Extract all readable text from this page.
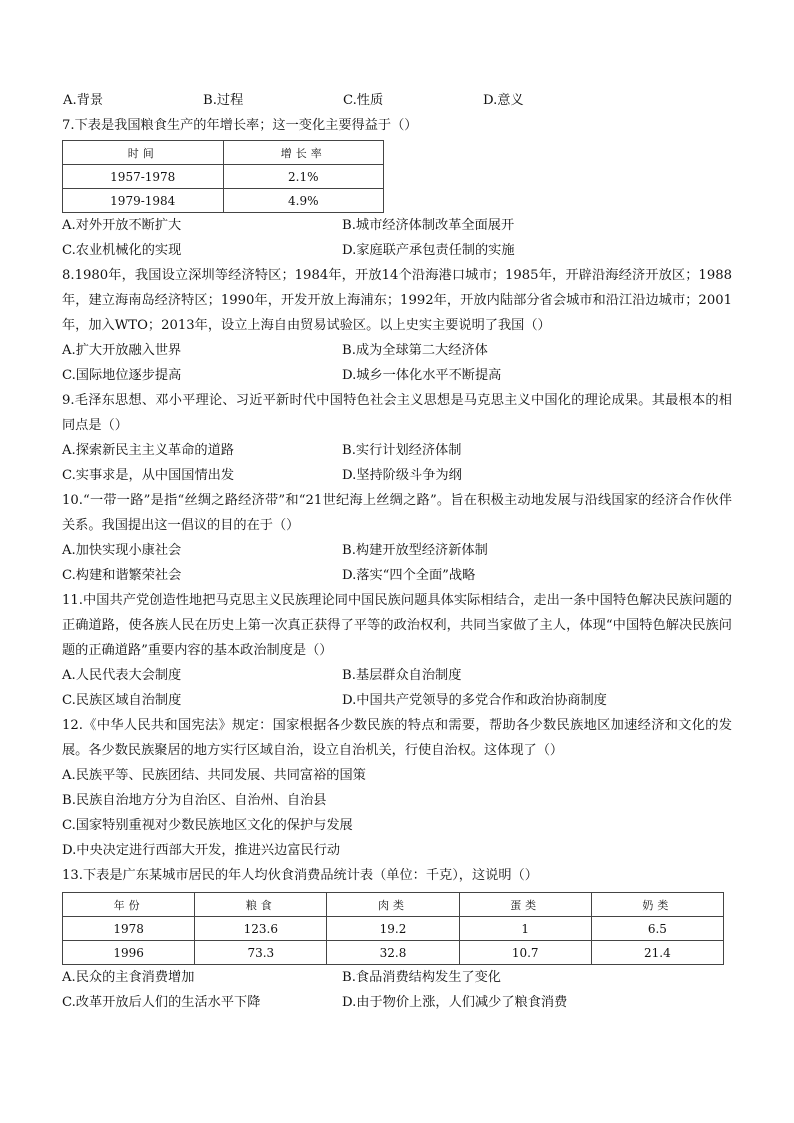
A.背景	B.过程	C.性质	D.意义
7.下表是我国粮食生产的年增长率；这一变化主要得益于（）
时间	增长率
1957-1978	2.1%
1979-1984	4.9%
A.对外开放不断扩大	B.城市经济体制改革全面展开
C.农业机械化的实现	D.家庭联产承包责任制的实施
8.1980年，我国设立深圳等经济特区；1984年，开放14个沿海港口城市；1985年，开辟沿海经济开放区；1988年，建立海南岛经济特区；1990年，开发开放上海浦东；1992年，开放内陆部分省会城市和沿江沿边城市；2001年，加入WTO；2013年，设立上海自由贸易试验区。以上史实主要说明了我国（）
A.扩大开放融入世界	B.成为全球第二大经济体
C.国际地位逐步提高	D.城乡一体化水平不断提高
9.毛泽东思想、邓小平理论、习近平新时代中国特色社会主义思想是马克思主义中国化的理论成果。其最根本的相同点是（）
A.探索新民主主义革命的道路	B.实行计划经济体制
C.实事求是，从中国国情出发	D.坚持阶级斗争为纲
10.“一带一路”是指“丝绸之路经济带”和“21世纪海上丝绸之路”。旨在积极主动地发展与沿线国家的经济合作伙伴关系。我国提出这一倡议的目的在于（）
A.加快实现小康社会	B.构建开放型经济新体制
C.构建和谐繁荣社会	D.落实“四个全面”战略
11.中国共产党创造性地把马克思主义民族理论同中国民族问题具体实际相结合，走出一条中国特色解决民族问题的正确道路，使各族人民在历史上第一次真正获得了平等的政治权利，共同当家做了主人，体现“中国特色解决民族问题的正确道路”重要内容的基本政治制度是（）
A.人民代表大会制度	B.基层群众自治制度
C.民族区域自治制度	D.中国共产党领导的多党合作和政治协商制度
12.《中华人民共和国宪法》规定：国家根据各少数民族的特点和需要，帮助各少数民族地区加速经济和文化的发展。各少数民族聚居的地方实行区域自治，设立自治机关，行使自治权。这体现了（）
A.民族平等、民族团结、共同发展、共同富裕的国策
B.民族自治地方分为自治区、自治州、自治县
C.国家特别重视对少数民族地区文化的保护与发展
D.中央决定进行西部大开发，推进兴边富民行动
13.下表是广东某城市居民的年人均伙食消费品统计表（单位：千克），这说明（）
年份	粮食	肉类	蛋类	奶类
1978	123.6	19.2	1	6.5
1996	73.3	32.8	10.7	21.4
A.民众的主食消费增加	B.食品消费结构发生了变化
C.改革开放后人们的生活水平下降	D.由于物价上涨，人们减少了粮食消费
